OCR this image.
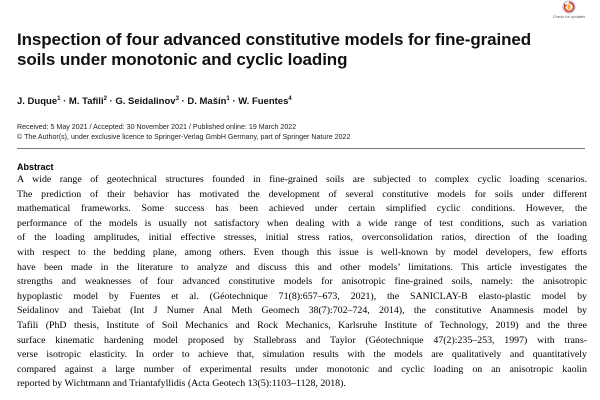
Check for updates
Inspection of four advanced constitutive models for fine-grained soils under monotonic and cyclic loading
J. Duque$^1$ · M. Tafili$^2$ · G. Seidalinov$^3$ · D. Mašín$^1$ · W. Fuentes$^4$
Received: 5 May 2021 / Accepted: 30 November 2021 / Published online: 19 March 2022
© The Author(s), under exclusive licence to Springer-Verlag GmbH Germany, part of Springer Nature 2022
Abstract
A wide range of geotechnical structures founded in fine-grained soils are subjected to complex cyclic loading scenarios.
The prediction of their behavior has motivated the development of several constitutive models for soils under different
mathematical frameworks. Some success has been achieved under certain simplified cyclic conditions. However, the
performance of the models is usually not satisfactory when dealing with a wide range of test conditions, such as variation
of the loading amplitudes, initial effective stresses, initial stress ratios, overconsolidation ratios, direction of the loading
with respect to the bedding plane, among others. Even though this issue is well-known by model developers, few efforts
have been made in the literature to analyze and discuss this and other models’ limitations. This article investigates the
strengths and weaknesses of four advanced constitutive models for anisotropic fine-grained soils, namely: the anisotropic
hypoplastic model by Fuentes et al. (Géotechnique 71(8):657–673, 2021), the SANICLAY-B elasto-plastic model by
Seidalinov and Taiebat (Int J Numer Anal Meth Geomech 38(7):702–724, 2014), the constitutive Anamnesis model by
Tafili (PhD thesis, Institute of Soil Mechanics and Rock Mechanics, Karlsruhe Institute of Technology, 2019) and the three
surface kinematic hardening model proposed by Stallebrass and Taylor (Géotechnique 47(2):235–253, 1997) with trans-
verse isotropic elasticity. In order to achieve that, simulation results with the models are qualitatively and quantitatively
compared against a large number of experimental results under monotonic and cyclic loading on an anisotropic kaolin
reported by Wichtmann and Triantafyllidis (Acta Geotech 13(5):1103–1128, 2018).
